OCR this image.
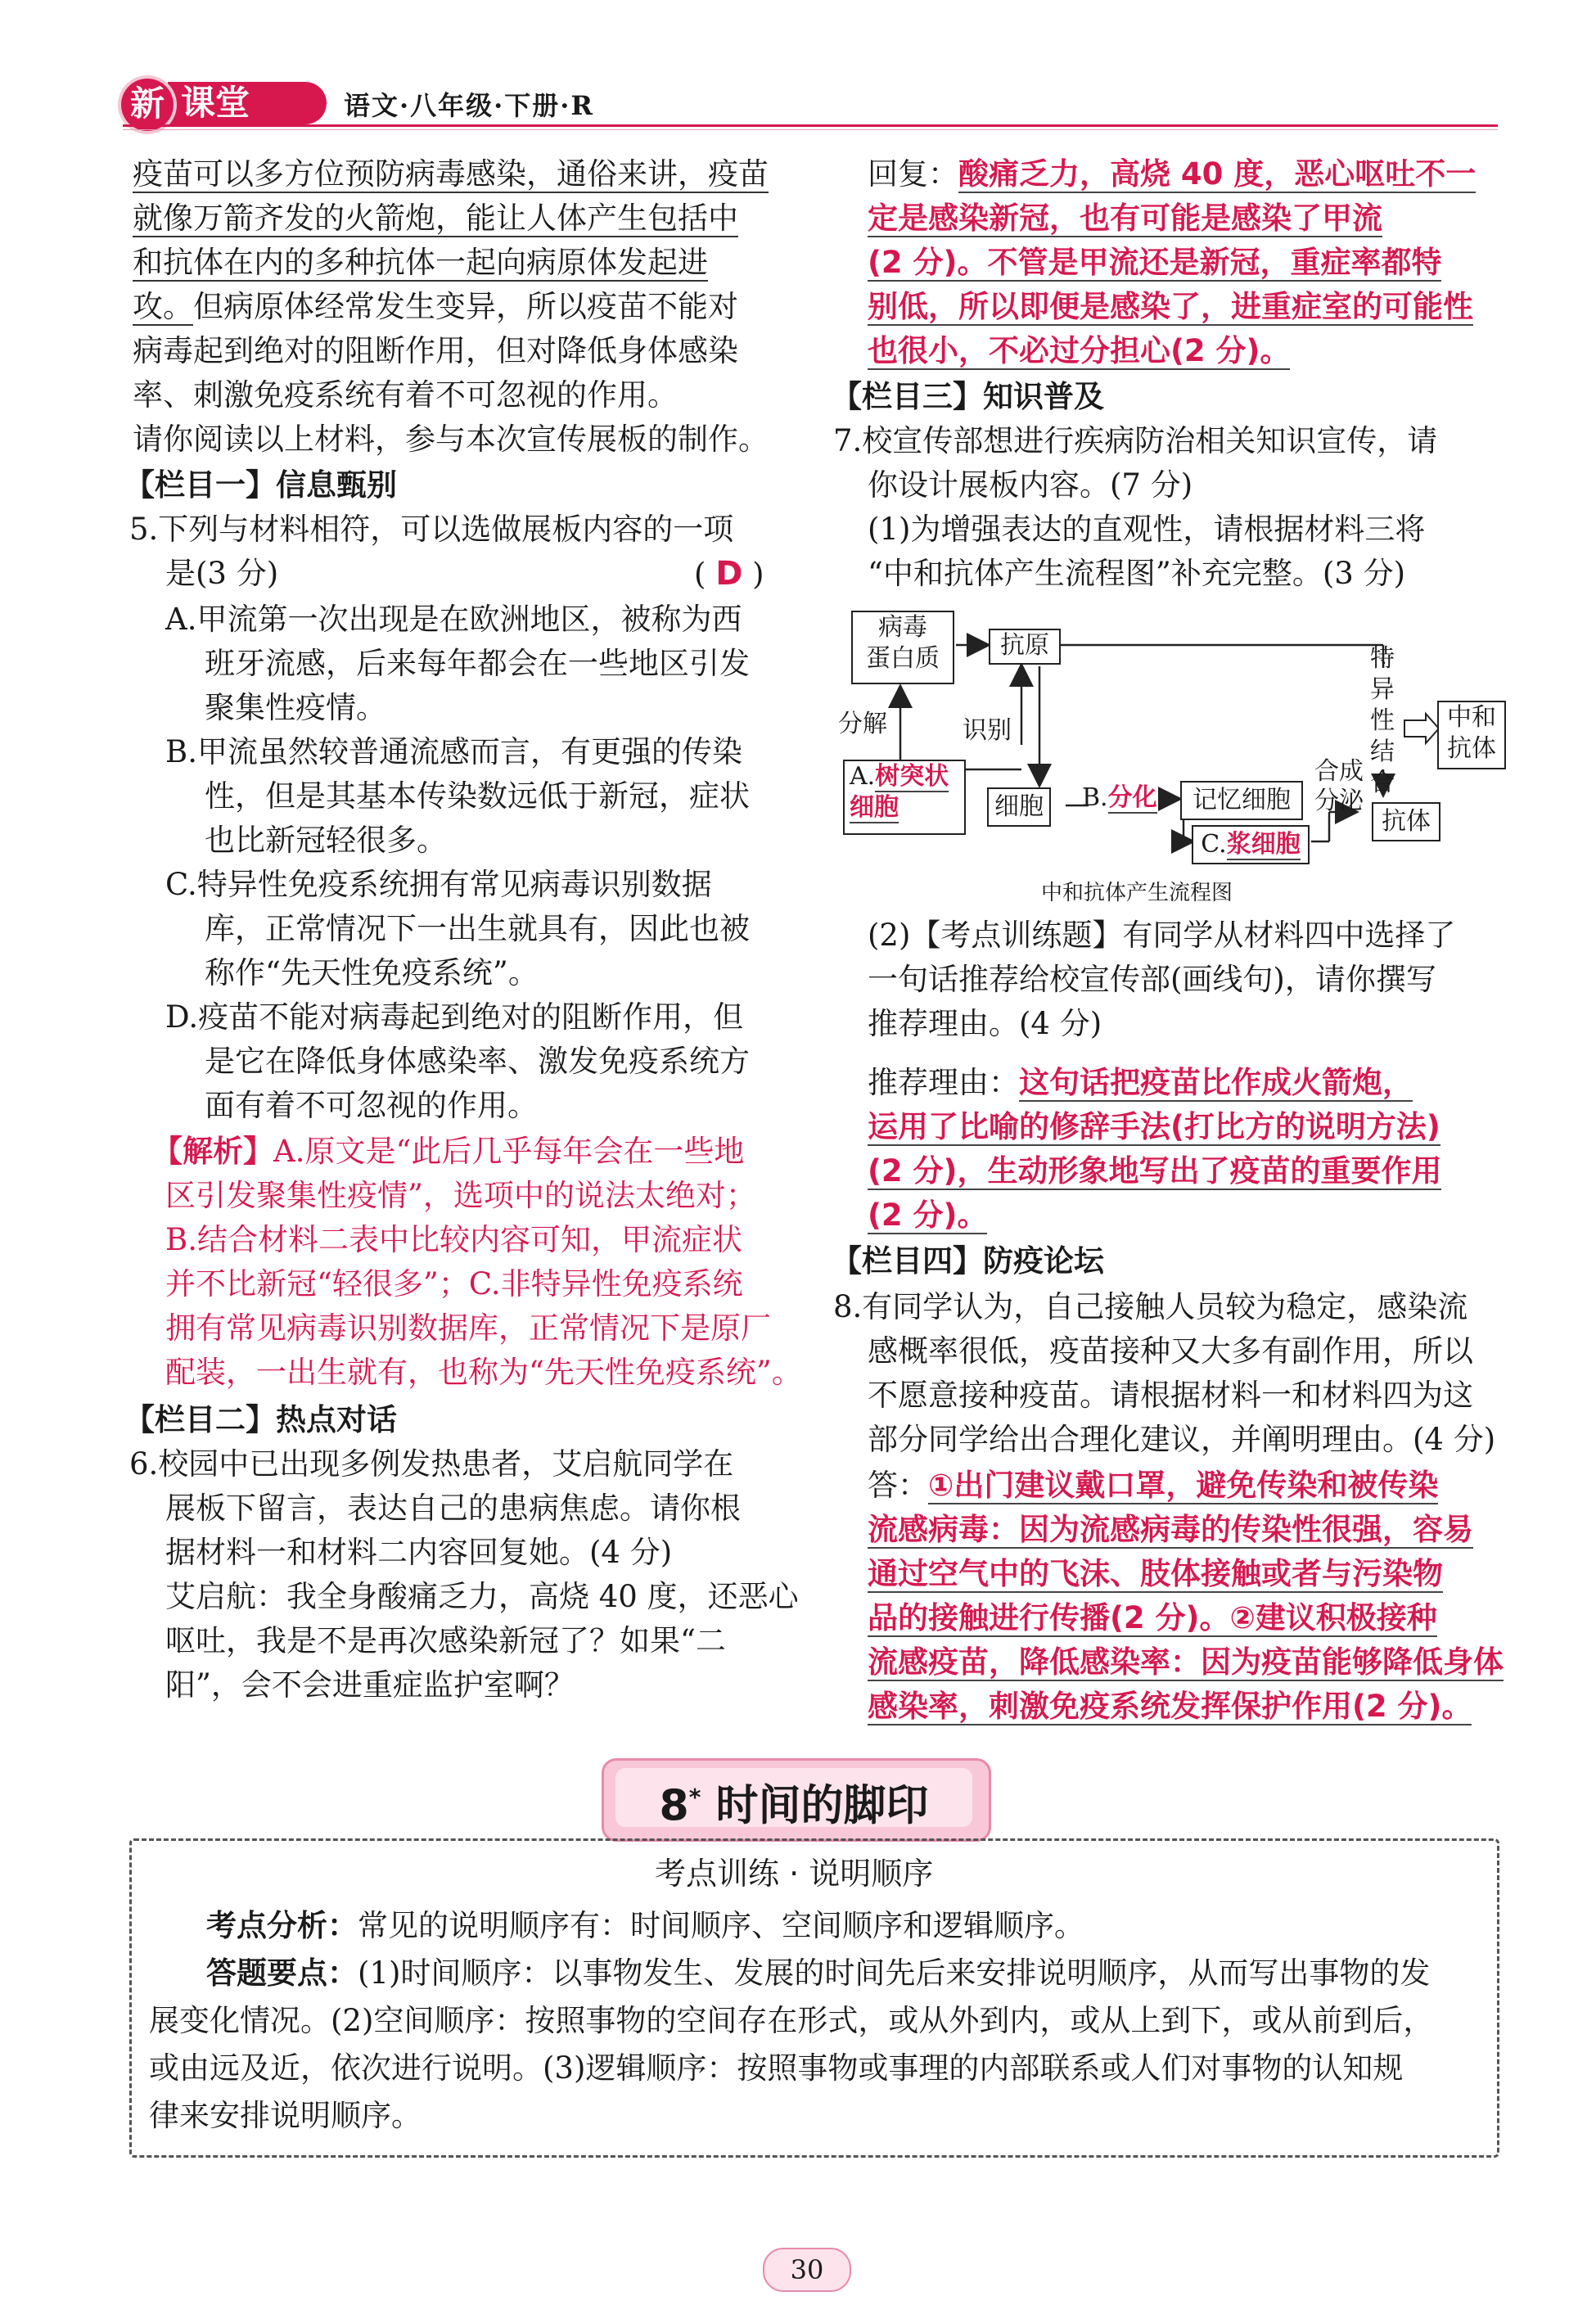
课堂
新	语文·八年级·下册·R
疫苗可以多方位预防病毒感染，通俗来讲，疫苗
就像万箭齐发的火箭炮，能让人体产生包括中
和抗体在内的多种抗体一起向病原体发起进
攻。但病原体经常发生变异，所以疫苗不能对
病毒起到绝对的阻断作用，但对降低身体感染
率、刺激免疫系统有着不可忽视的作用。
请你阅读以上材料，参与本次宣传展板的制作。
【栏目一】信息甄别
5.下列与材料相符，可以选做展板内容的一项
是(3 分)	( D )
A.甲流第一次出现是在欧洲地区，被称为西
班牙流感，后来每年都会在一些地区引发
聚集性疫情。
B.甲流虽然较普通流感而言，有更强的传染
性，但是其基本传染数远低于新冠，症状
也比新冠轻很多。
C.特异性免疫系统拥有常见病毒识别数据
库，正常情况下一出生就具有，因此也被
称作“先天性免疫系统”。
D.疫苗不能对病毒起到绝对的阻断作用，但
是它在降低身体感染率、激发免疫系统方
面有着不可忽视的作用。
【解析】A.原文是“此后几乎每年会在一些地
区引发聚集性疫情”，选项中的说法太绝对；
B.结合材料二表中比较内容可知，甲流症状
并不比新冠“轻很多”；C.非特异性免疫系统
拥有常见病毒识别数据库，正常情况下是原厂
配装，一出生就有，也称为“先天性免疫系统”。
【栏目二】热点对话
6.校园中已出现多例发热患者，艾启航同学在
展板下留言，表达自己的患病焦虑。请你根
据材料一和材料二内容回复她。(4 分)
艾启航：我全身酸痛乏力，高烧 40 度，还恶心
呕吐，我是不是再次感染新冠了？如果“二
阳”，会不会进重症监护室啊？
回复：酸痛乏力，高烧 40 度，恶心呕吐不一
定是感染新冠，也有可能是感染了甲流
(2 分)。不管是甲流还是新冠，重症率都特
别低，所以即便是感染了，进重症室的可能性
也很小，不必过分担心(2 分)。
【栏目三】知识普及
7.校宣传部想进行疾病防治相关知识宣传，请
你设计展板内容。(7 分)
(1)为增强表达的直观性，请根据材料三将
“中和抗体产生流程图”补充完整。(3 分)
病毒
蛋白质	抗原
分解	识别
A.树突状
细胞	细胞	B.分化	记忆细胞
C.浆细胞
合成
分泌
抗体
特
异
性
结
合
中和
抗体
中和抗体产生流程图
(2)【考点训练题】有同学从材料四中选择了
一句话推荐给校宣传部(画线句)，请你撰写
推荐理由。(4 分)
推荐理由：这句话把疫苗比作成火箭炮，
运用了比喻的修辞手法(打比方的说明方法)
(2 分)，生动形象地写出了疫苗的重要作用
(2 分)。
【栏目四】防疫论坛
8.有同学认为，自己接触人员较为稳定，感染流
感概率很低，疫苗接种又大多有副作用，所以
不愿意接种疫苗。请根据材料一和材料四为这
部分同学给出合理化建议，并阐明理由。(4 分)
答：①出门建议戴口罩，避免传染和被传染
流感病毒：因为流感病毒的传染性很强，容易
通过空气中的飞沫、肢体接触或者与污染物
品的接触进行传播(2 分)。②建议积极接种
流感疫苗，降低感染率：因为疫苗能够降低身体
感染率，刺激免疫系统发挥保护作用(2 分)。
8* 时间的脚印
考点训练 · 说明顺序
考点分析：常见的说明顺序有：时间顺序、空间顺序和逻辑顺序。
答题要点：(1)时间顺序：以事物发生、发展的时间先后来安排说明顺序，从而写出事物的发
展变化情况。(2)空间顺序：按照事物的空间存在形式，或从外到内，或从上到下，或从前到后，
或由远及近，依次进行说明。(3)逻辑顺序：按照事物或事理的内部联系或人们对事物的认知规
律来安排说明顺序。
30
